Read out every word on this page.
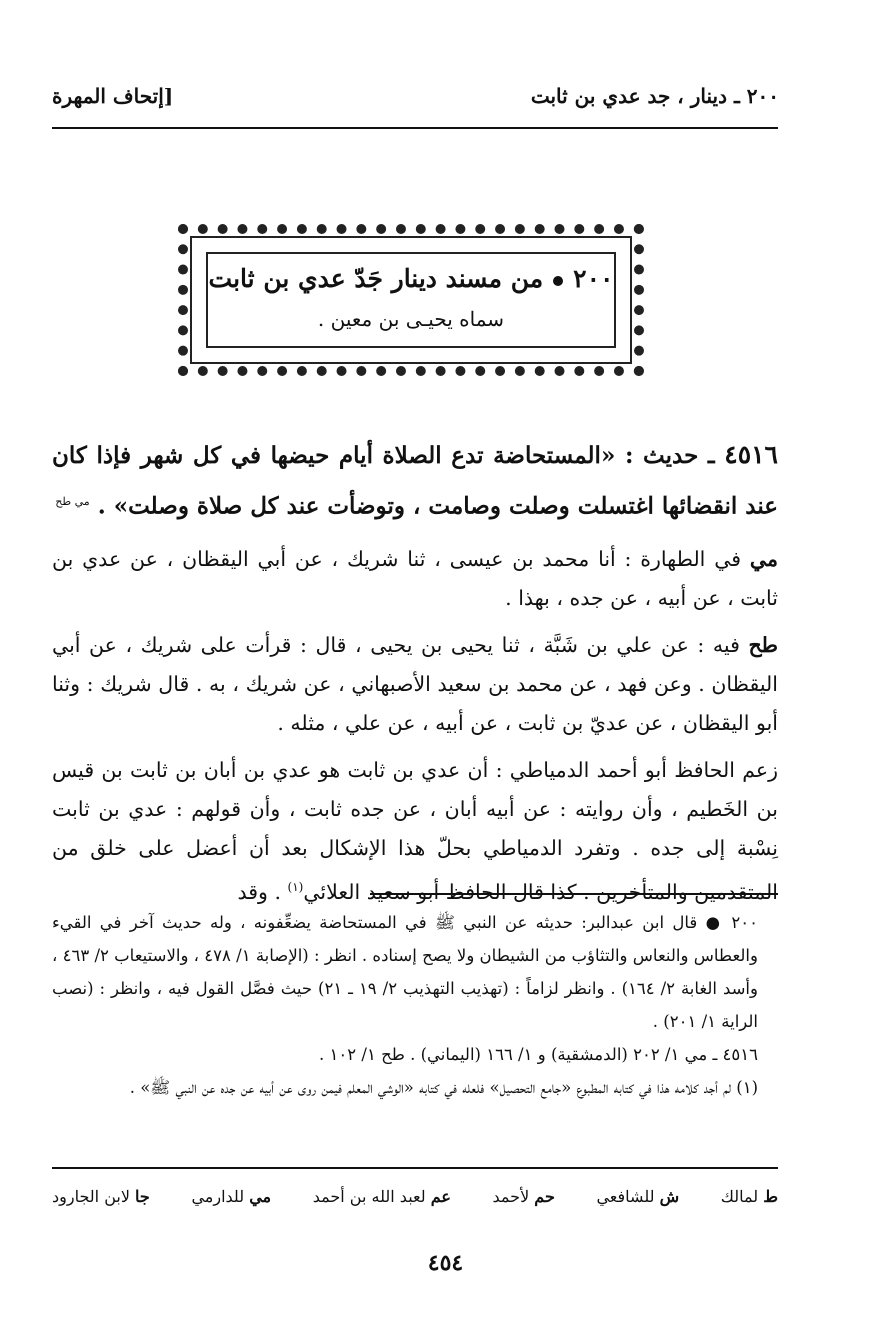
٢٠٠ ـ دينار ، جد عدي بن ثابت
[إتحاف المهرة
٢٠٠من مسند دينار جَدّ عدي بن ثابت
سماه يحيـى بن معين .

٤٥١٦ ـ حديث : «المستحاضة تدع الصلاة أيام حيضها في كل شهر فإذا كان عند انقضائها اغتسلت وصلت وصامت ، وتوضأت عند كل صلاة وصلت» . $^{مي طح}$

مي في الطهارة : أنا محمد بن عيسى ، ثنا شريك ، عن أبي اليقظان ، عن عدي بن ثابت ، عن أبيه ، عن جده ، بهذا .

طح فيه : عن علي بن شَبَّة ، ثنا يحيى بن يحيى ، قال : قرأت على شريك ، عن أبي اليقظان . وعن فهد ، عن محمد بن سعيد الأصبهاني ، عن شريك ، به . قال شريك : وثنا أبو اليقظان ، عن عديّ بن ثابت ، عن أبيه ، عن علي ، مثله .

زعم الحافظ أبو أحمد الدمياطي : أن عدي بن ثابت هو عدي بن أبان بن ثابت بن قيس بن الخَطيم ، وأن روايته : عن أبيه أبان ، عن جده ثابت ، وأن قولهم : عدي بن ثابت نِسْبة إلى جده . وتفرد الدمياطي بحلّ هذا الإشكال بعد أن أعضل على خلق من المتقدمين والمتأخرين . كذا قال الحافظ أبو سعيد العلائي$^{(١)}$ . وقد

٢٠٠ ● قال ابن عبدالبر: حديثه عن النبي ﷺ في المستحاضة يضعِّفونه ، وله حديث آخر في القيء والعطاس والنعاس والتثاؤب من الشيطان ولا يصح إسناده . انظر : (الإصابة ١/ ٤٧٨ ، والاستيعاب ٢/ ٤٦٣ ، وأسد الغابة ٢/ ١٦٤) . وانظر لزاماً : (تهذيب التهذيب ٢/ ١٩ ـ ٢١) حيث فصَّل القول فيه ، وانظر : (نصب الراية ١/ ٢٠١) .

٤٥١٦ ـ مي ١/ ٢٠٢ (الدمشقية) و ١/ ١٦٦ (اليماني) . طح ١/ ١٠٢ .

(١) لم أجد كلامه هذا في كتابه المطبوع «جامع التحصيل» فلعله في كتابه «الوشي المعلم فيمن روى عن أبيه عن جده عن النبي ﷺ» .

ط لمالك
ش للشافعي
حم لأحمد
عم لعبد الله بن أحمد
مي للدارمي
جا لابن الجارود
٤٥٤
